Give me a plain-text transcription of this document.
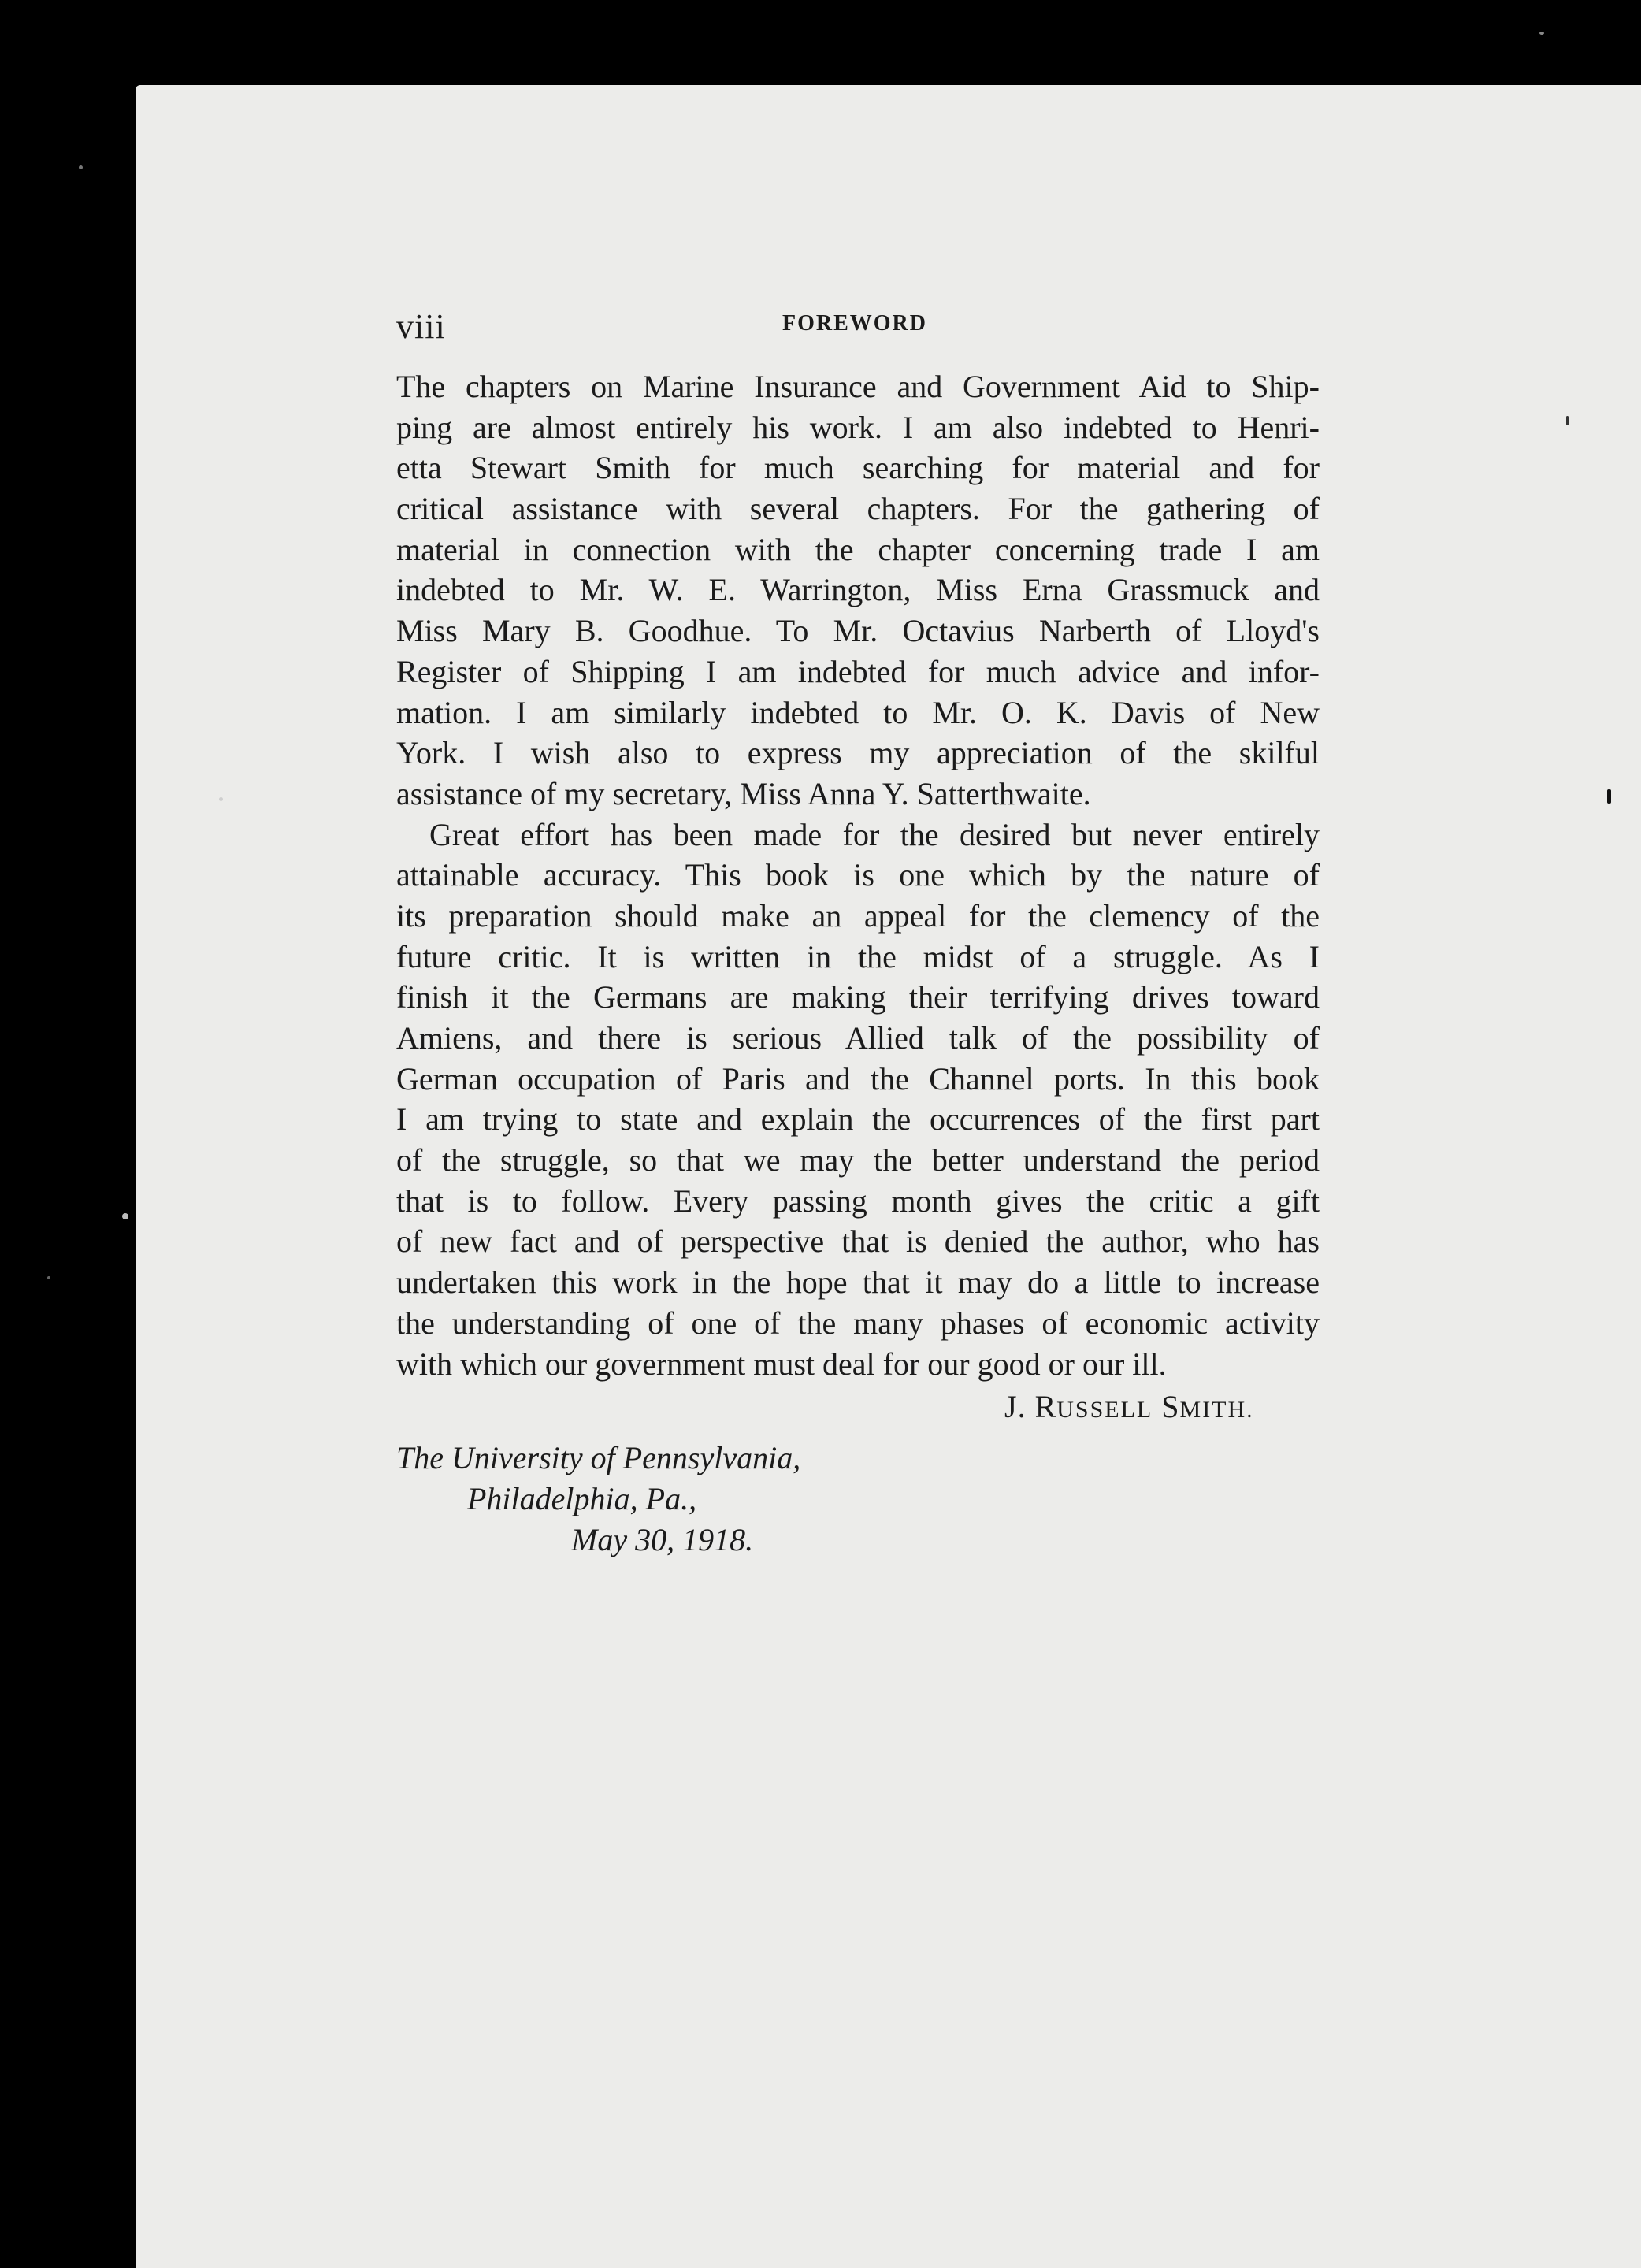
viii	FOREWORD
The chapters on Marine Insurance and Government Aid to Ship-
ping are almost entirely his work. I am also indebted to Henri-
etta Stewart Smith for much searching for material and for
critical assistance with several chapters. For the gathering of
material in connection with the chapter concerning trade I am
indebted to Mr. W. E. Warrington, Miss Erna Grassmuck and
Miss Mary B. Goodhue. To Mr. Octavius Narberth of Lloyd's
Register of Shipping I am indebted for much advice and infor-
mation. I am similarly indebted to Mr. O. K. Davis of New
York. I wish also to express my appreciation of the skilful
assistance of my secretary, Miss Anna Y. Satterthwaite.
Great effort has been made for the desired but never entirely
attainable accuracy. This book is one which by the nature of
its preparation should make an appeal for the clemency of the
future critic. It is written in the midst of a struggle. As I
finish it the Germans are making their terrifying drives toward
Amiens, and there is serious Allied talk of the possibility of
German occupation of Paris and the Channel ports. In this book
I am trying to state and explain the occurrences of the first part
of the struggle, so that we may the better understand the period
that is to follow. Every passing month gives the critic a gift
of new fact and of perspective that is denied the author, who has
undertaken this work in the hope that it may do a little to increase
the understanding of one of the many phases of economic activity
with which our government must deal for our good or our ill.
J. RUSSELL SMITH.
The University of Pennsylvania,
Philadelphia, Pa.,
May 30, 1918.
